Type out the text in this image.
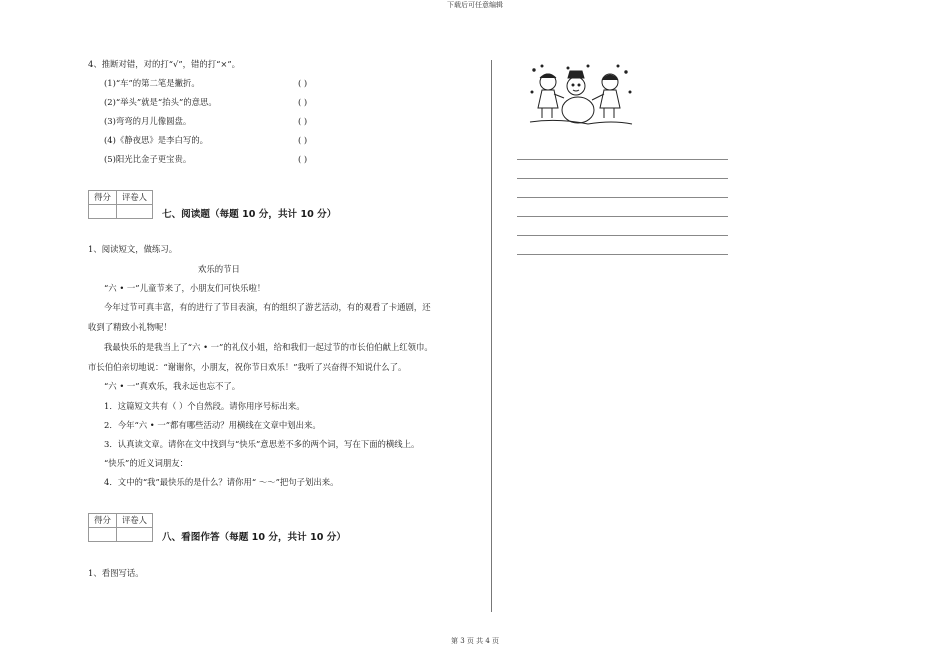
下载后可任意编辑
第 3 页 共 4 页
4、推断对错，对的打“√”，错的打“×”。
(1)“车”的第二笔是撇折。
(2)“举头”就是“抬头”的意思。
(3)弯弯的月儿像圆盘。
(4)《静夜思》是李白写的。
(5)阳光比金子更宝贵。
( )
( )
( )
( )
( )
得分	评卷人
七、阅读题（每题 10 分，共计 10 分）
1、阅读短文，做练习。
欢乐的节日
“六 • 一”儿童节来了，小朋友们可快乐啦！
今年过节可真丰富，有的进行了节目表演，有的组织了游艺活动，有的观看了卡通剧，还
收到了精致小礼物呢！
我最快乐的是我当上了“六 • 一”的礼仪小姐，给和我们一起过节的市长伯伯献上红领巾。
市长伯伯亲切地说：“谢谢你，小朋友，祝你节日欢乐！”我听了兴奋得不知说什么了。
“六 • 一”真欢乐，我永远也忘不了。
1．这篇短文共有（ ）个自然段。请你用序号标出来。
2．今年“六 • 一”都有哪些活动？用横线在文章中划出来。
3．认真读文章。请你在文中找到与“快乐”意思差不多的两个词，写在下面的横线上。
“快乐”的近义词朋友：
4．文中的“我”最快乐的是什么？请你用“ ～～”把句子划出来。
得分	评卷人
八、看图作答（每题 10 分，共计 10 分）
1、看图写话。
